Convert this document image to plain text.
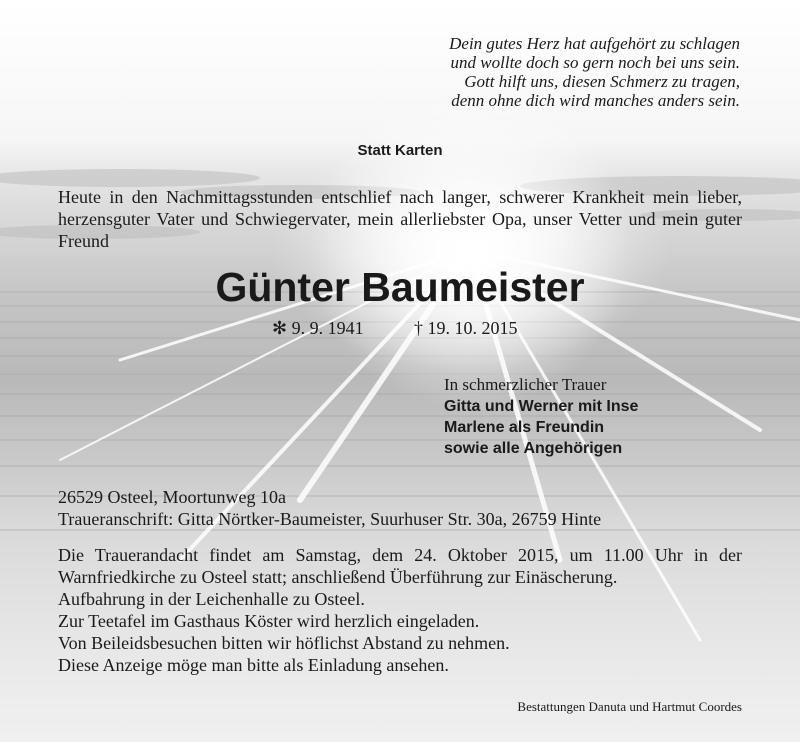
Dein gutes Herz hat aufgehört zu schlagen
und wollte doch so gern noch bei uns sein.
Gott hilft uns, diesen Schmerz zu tragen,
denn ohne dich wird manches anders sein.
Statt Karten
Heute in den Nachmittagsstunden entschlief nach langer, schwerer Krankheit mein lieber, herzensguter Vater und Schwiegervater, mein allerliebster Opa, unser Vetter und mein guter Freund
Günter Baumeister
✻ 9. 9. 1941	† 19. 10. 2015
In schmerzlicher Trauer
Gitta und Werner mit Inse
Marlene als Freundin
sowie alle Angehörigen
26529 Osteel, Moortunweg 10a
Traueranschrift: Gitta Nörtker-Baumeister, Suurhuser Str. 30a, 26759 Hinte
Die Trauerandacht findet am Samstag, dem 24. Oktober 2015, um 11.00 Uhr in der Warnfriedkirche zu Osteel statt; anschließend Überführung zur Einäscherung.
Aufbahrung in der Leichenhalle zu Osteel.
Zur Teetafel im Gasthaus Köster wird herzlich eingeladen.
Von Beileidsbesuchen bitten wir höflichst Abstand zu nehmen.
Diese Anzeige möge man bitte als Einladung ansehen.
Bestattungen Danuta und Hartmut Coordes
